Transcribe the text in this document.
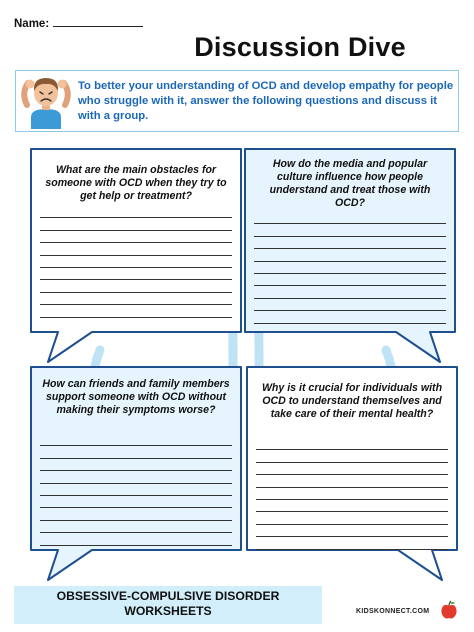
Name:
Discussion Dive
To better your understanding of OCD and develop empathy for people who struggle with it, answer the following questions and discuss it with a group.
What are the main obstacles for someone with OCD when they try to get help or treatment?
How do the media and popular culture influence how people understand and treat those with OCD?
How can friends and family members support someone with OCD without making their symptoms worse?
Why is it crucial for individuals with OCD to understand themselves and take care of their mental health?
OBSESSIVE-COMPULSIVE DISORDER
WORKSHEETS	KIDSKONNECT.COM
